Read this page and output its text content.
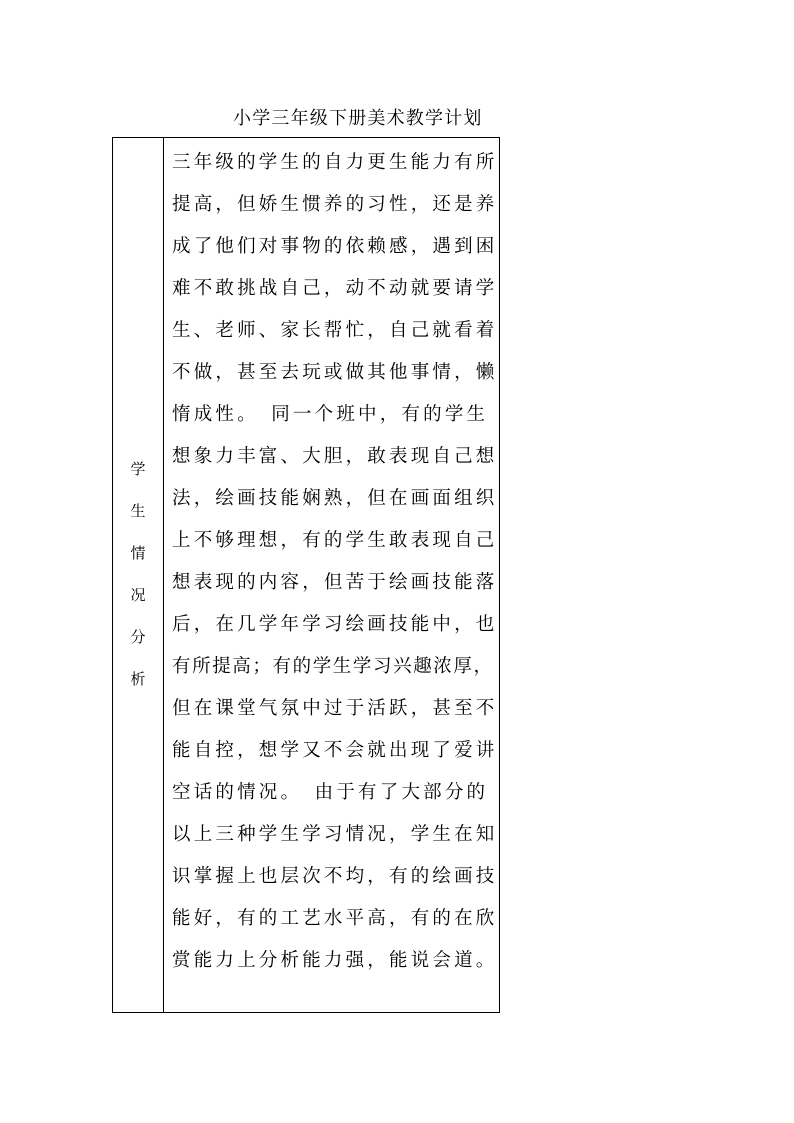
小学三年级下册美术教学计划
学
生
情
况
分
析
三年级的学生的自力更生能力有所
提高，但娇生惯养的习性，还是养
成了他们对事物的依赖感，遇到困
难不敢挑战自己，动不动就要请学
生、老师、家长帮忙，自己就看着
不做，甚至去玩或做其他事情，懒
惰成性。　同一个班中，有的学生
想象力丰富、大胆，敢表现自己想
法，绘画技能娴熟，但在画面组织
上不够理想，有的学生敢表现自己
想表现的内容，但苦于绘画技能落
后，在几学年学习绘画技能中，也
有所提高；有的学生学习兴趣浓厚，
但在课堂气氛中过于活跃，甚至不
能自控，想学又不会就出现了爱讲
空话的情况。　由于有了大部分的
以上三种学生学习情况，学生在知
识掌握上也层次不均，有的绘画技
能好，有的工艺水平高，有的在欣
赏能力上分析能力强，能说会道。
